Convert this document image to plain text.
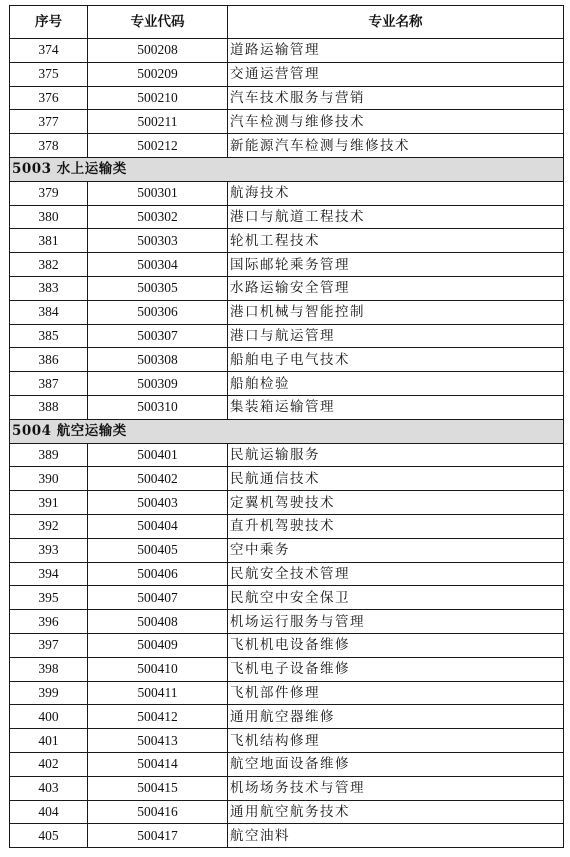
序号	专业代码	专业名称
374	500208	道路运输管理
375	500209	交通运营管理
376	500210	汽车技术服务与营销
377	500211	汽车检测与维修技术
378	500212	新能源汽车检测与维修技术
5003 水上运输类		
379	500301	航海技术
380	500302	港口与航道工程技术
381	500303	轮机工程技术
382	500304	国际邮轮乘务管理
383	500305	水路运输安全管理
384	500306	港口机械与智能控制
385	500307	港口与航运管理
386	500308	船舶电子电气技术
387	500309	船舶检验
388	500310	集装箱运输管理
5004 航空运输类		
389	500401	民航运输服务
390	500402	民航通信技术
391	500403	定翼机驾驶技术
392	500404	直升机驾驶技术
393	500405	空中乘务
394	500406	民航安全技术管理
395	500407	民航空中安全保卫
396	500408	机场运行服务与管理
397	500409	飞机机电设备维修
398	500410	飞机电子设备维修
399	500411	飞机部件修理
400	500412	通用航空器维修
401	500413	飞机结构修理
402	500414	航空地面设备维修
403	500415	机场场务技术与管理
404	500416	通用航空航务技术
405	500417	航空油料
